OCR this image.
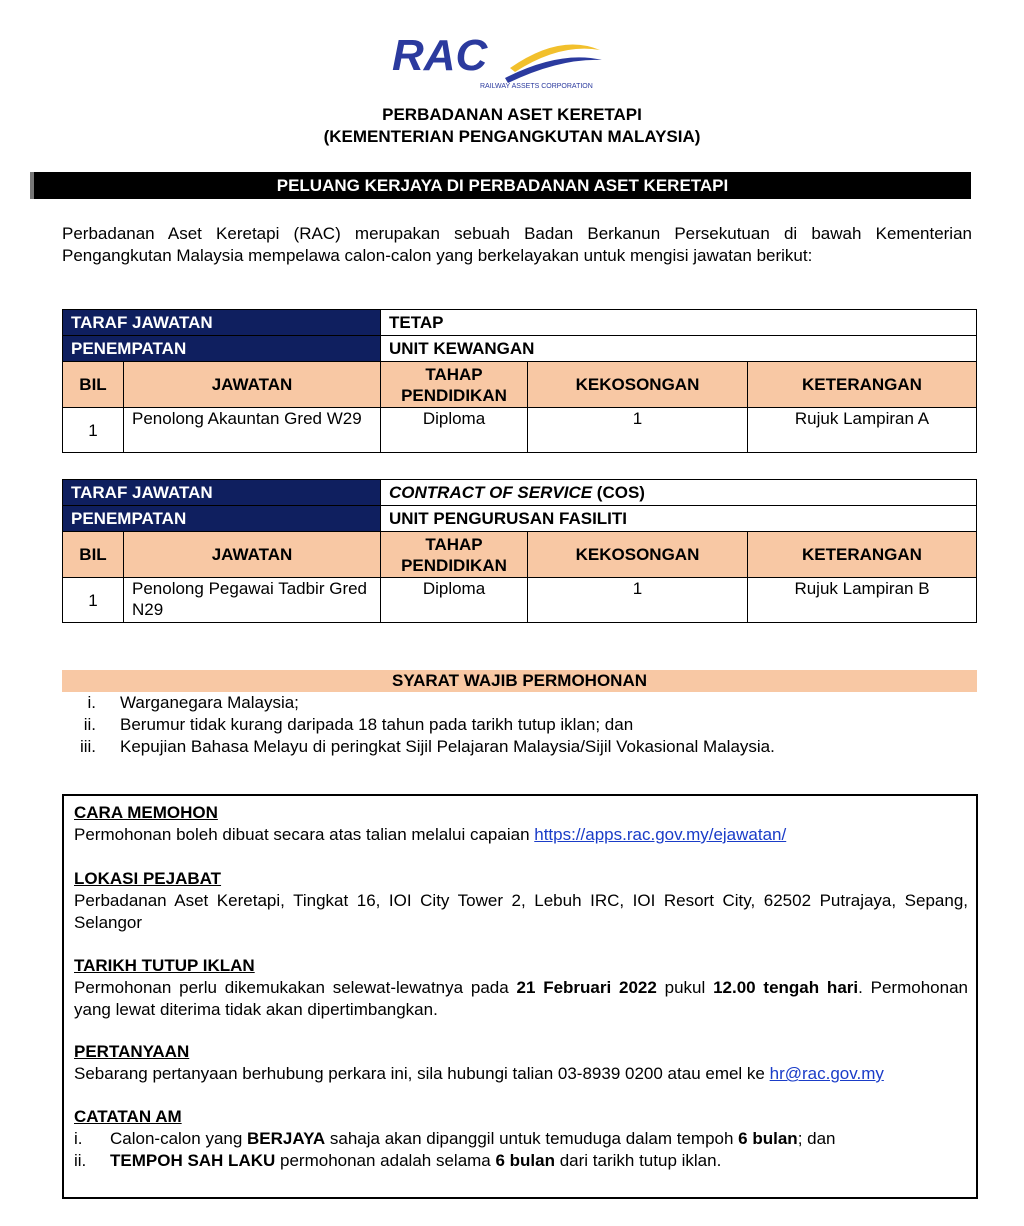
RAC
RAILWAY ASSETS CORPORATION
PERBADANAN ASET KERETAPI
(KEMENTERIAN PENGANGKUTAN MALAYSIA)
PELUANG KERJAYA DI PERBADANAN ASET KERETAPI
Perbadanan Aset Keretapi (RAC) merupakan sebuah Badan Berkanun Persekutuan di bawah Kementerian Pengangkutan Malaysia mempelawa calon-calon yang berkelayakan untuk mengisi jawatan berikut:
TARAF JAWATAN		TETAP		
PENEMPATAN		UNIT KEWANGAN		
BIL	JAWATAN	TAHAP PENDIDIKAN	KEKOSONGAN	KETERANGAN
1	Penolong Akauntan Gred W29	Diploma	1	Rujuk Lampiran A
TARAF JAWATAN		CONTRACT OF SERVICE (COS)		
PENEMPATAN		UNIT PENGURUSAN FASILITI		
BIL	JAWATAN	TAHAP PENDIDIKAN	KEKOSONGAN	KETERANGAN
1	Penolong Pegawai Tadbir Gred N29	Diploma	1	Rujuk Lampiran B
SYARAT WAJIB PERMOHONAN
i. Warganegara Malaysia;
ii. Berumur tidak kurang daripada 18 tahun pada tarikh tutup iklan; dan
iii. Kepujian Bahasa Melayu di peringkat Sijil Pelajaran Malaysia/Sijil Vokasional Malaysia.
CARA MEMOHON
Permohonan boleh dibuat secara atas talian melalui capaian https://apps.rac.gov.my/ejawatan/
LOKASI PEJABAT
Perbadanan Aset Keretapi, Tingkat 16, IOI City Tower 2, Lebuh IRC, IOI Resort City, 62502 Putrajaya, Sepang, Selangor
TARIKH TUTUP IKLAN
Permohonan perlu dikemukakan selewat-lewatnya pada 21 Februari 2022 pukul 12.00 tengah hari. Permohonan yang lewat diterima tidak akan dipertimbangkan.
PERTANYAAN
Sebarang pertanyaan berhubung perkara ini, sila hubungi talian 03-8939 0200 atau emel ke hr@rac.gov.my
CATATAN AM
i. Calon-calon yang BERJAYA sahaja akan dipanggil untuk temuduga dalam tempoh 6 bulan; dan
ii. TEMPOH SAH LAKU permohonan adalah selama 6 bulan dari tarikh tutup iklan.
